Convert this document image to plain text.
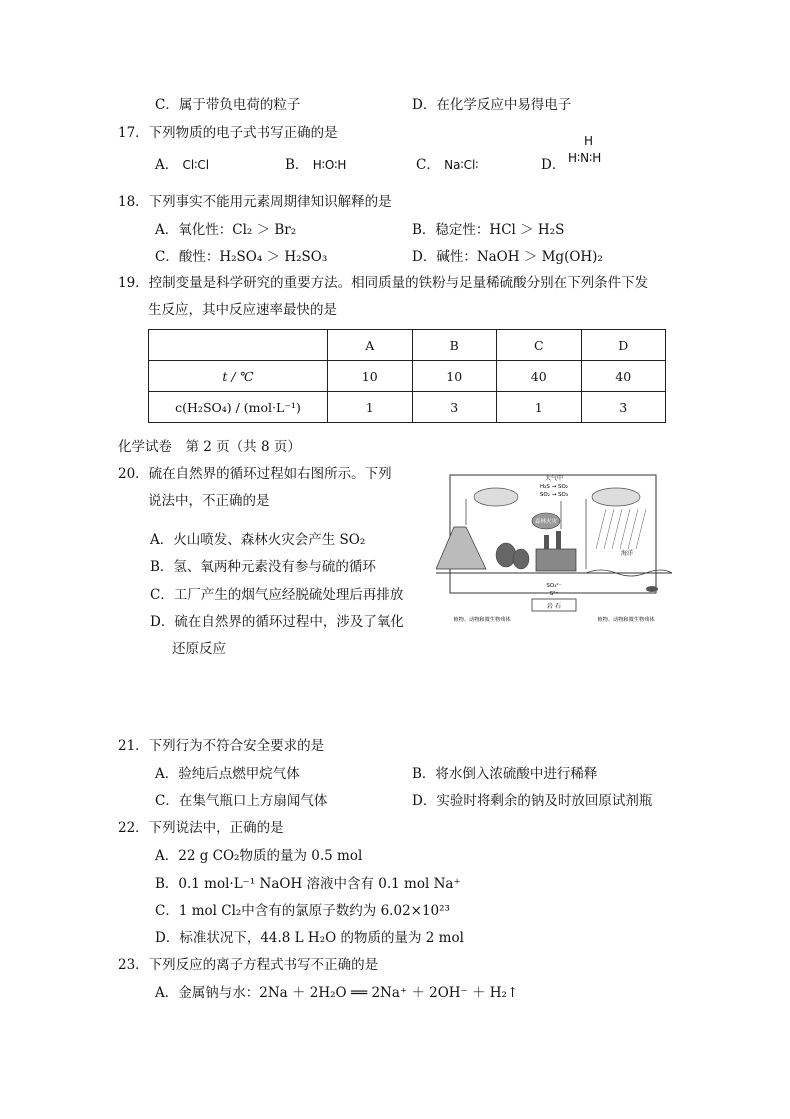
C．属于带负电荷的粒子	D．在化学反应中易得电子
17．下列物质的电子式书写正确的是
A． Cl∶Cl	B． H∶O∶H	C． Na∶Cl∶	D．
H
H∶N∶H
18．下列事实不能用元素周期律知识解释的是
A．氧化性：Cl₂ ＞ Br₂	B．稳定性：HCl ＞ H₂S
C．酸性：H₂SO₄ ＞ H₂SO₃	D．碱性：NaOH ＞ Mg(OH)₂
19．控制变量是科学研究的重要方法。相同质量的铁粉与足量稀硫酸分别在下列条件下发
生反应，其中反应速率最快的是
	A	B	C	D
t / ℃	10	10	40	40
c(H₂SO₄) / (mol·L⁻¹)	1	3	1	3
化学试卷　第 2 页（共 8 页）
20．硫在自然界的循环过程如右图所示。下列
说法中，不正确的是
A．火山喷发、森林火灾会产生 SO₂
B．氢、氧两种元素没有参与硫的循环
C．工厂产生的烟气应经脱硫处理后再排放
D．硫在自然界的循环过程中，涉及了氧化
还原反应
大气中
H₂S → SO₂
SO₂ → SO₃
森林火灾
海洋
SO₄²⁻
S²⁻
岩 石
植物、动物和微生物残体	植物、动物和微生物残体
21．下列行为不符合安全要求的是
A．验纯后点燃甲烷气体	B．将水倒入浓硫酸中进行稀释
C．在集气瓶口上方扇闻气体	D．实验时将剩余的钠及时放回原试剂瓶
22．下列说法中，正确的是
A．22 g CO₂物质的量为 0.5 mol
B．0.1 mol·L⁻¹ NaOH 溶液中含有 0.1 mol Na⁺
C．1 mol Cl₂中含有的氯原子数约为 6.02×10²³
D．标准状况下，44.8 L H₂O 的物质的量为 2 mol
23．下列反应的离子方程式书写不正确的是
A．金属钠与水：2Na ＋ 2H₂O ══ 2Na⁺ ＋ 2OH⁻ ＋ H₂↑
